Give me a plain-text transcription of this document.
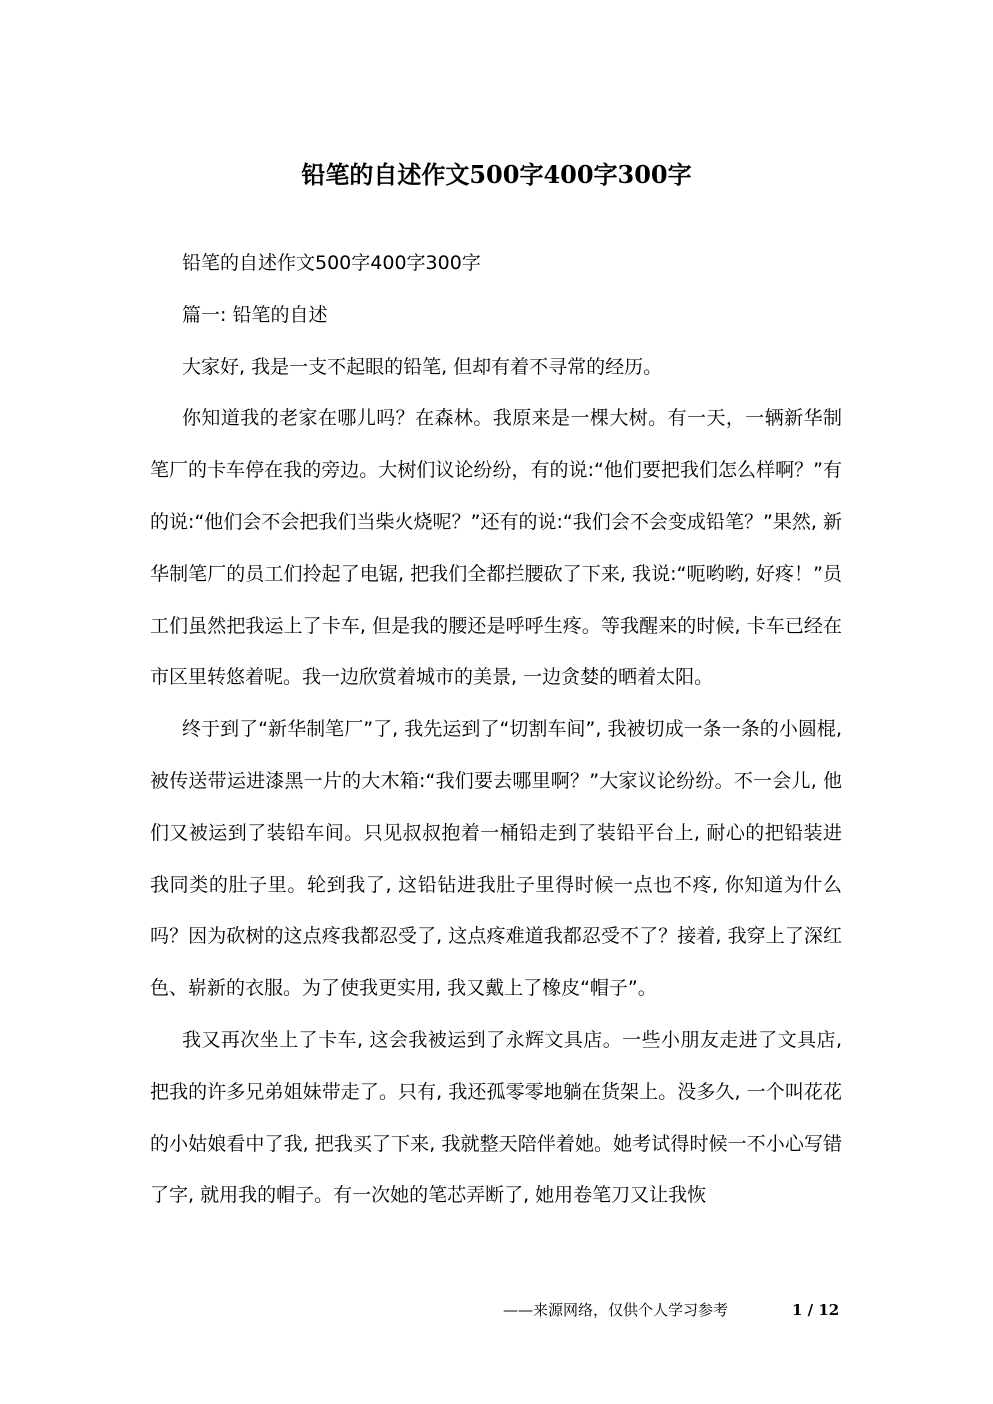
铅笔的自述作文500字400字300字

铅笔的自述作文500字400字300字

篇一: 铅笔的自述

大家好, 我是一支不起眼的铅笔, 但却有着不寻常的经历。

你知道我的老家在哪儿吗？在森林。我原来是一棵大树。有一天，一辆新华制笔厂的卡车停在我的旁边。大树们议论纷纷，有的说:“他们要把我们怎么样啊？”有的说:“他们会不会把我们当柴火烧呢？”还有的说:“我们会不会变成铅笔？”果然, 新华制笔厂的员工们拎起了电锯, 把我们全都拦腰砍了下来, 我说:“呃哟哟, 好疼！”员工们虽然把我运上了卡车, 但是我的腰还是呼呼生疼。等我醒来的时候, 卡车已经在市区里转悠着呢。我一边欣赏着城市的美景, 一边贪婪的晒着太阳。

终于到了“新华制笔厂”了, 我先运到了“切割车间”, 我被切成一条一条的小圆棍, 被传送带运进漆黑一片的大木箱:“我们要去哪里啊？”大家议论纷纷。不一会儿, 他们又被运到了装铅车间。只见叔叔抱着一桶铅走到了装铅平台上, 耐心的把铅装进我同类的肚子里。轮到我了, 这铅钻进我肚子里得时候一点也不疼, 你知道为什么吗？因为砍树的这点疼我都忍受了, 这点疼难道我都忍受不了？接着, 我穿上了深红色、崭新的衣服。为了使我更实用, 我又戴上了橡皮“帽子”。

我又再次坐上了卡车, 这会我被运到了永辉文具店。一些小朋友走进了文具店, 把我的许多兄弟姐妹带走了。只有, 我还孤零零地躺在货架上。没多久, 一个叫花花的小姑娘看中了我, 把我买了下来, 我就整天陪伴着她。她考试得时候一不小心写错了字, 就用我的帽子。有一次她的笔芯弄断了, 她用卷笔刀又让我恢

——来源网络，仅供个人学习参考	1 / 12
